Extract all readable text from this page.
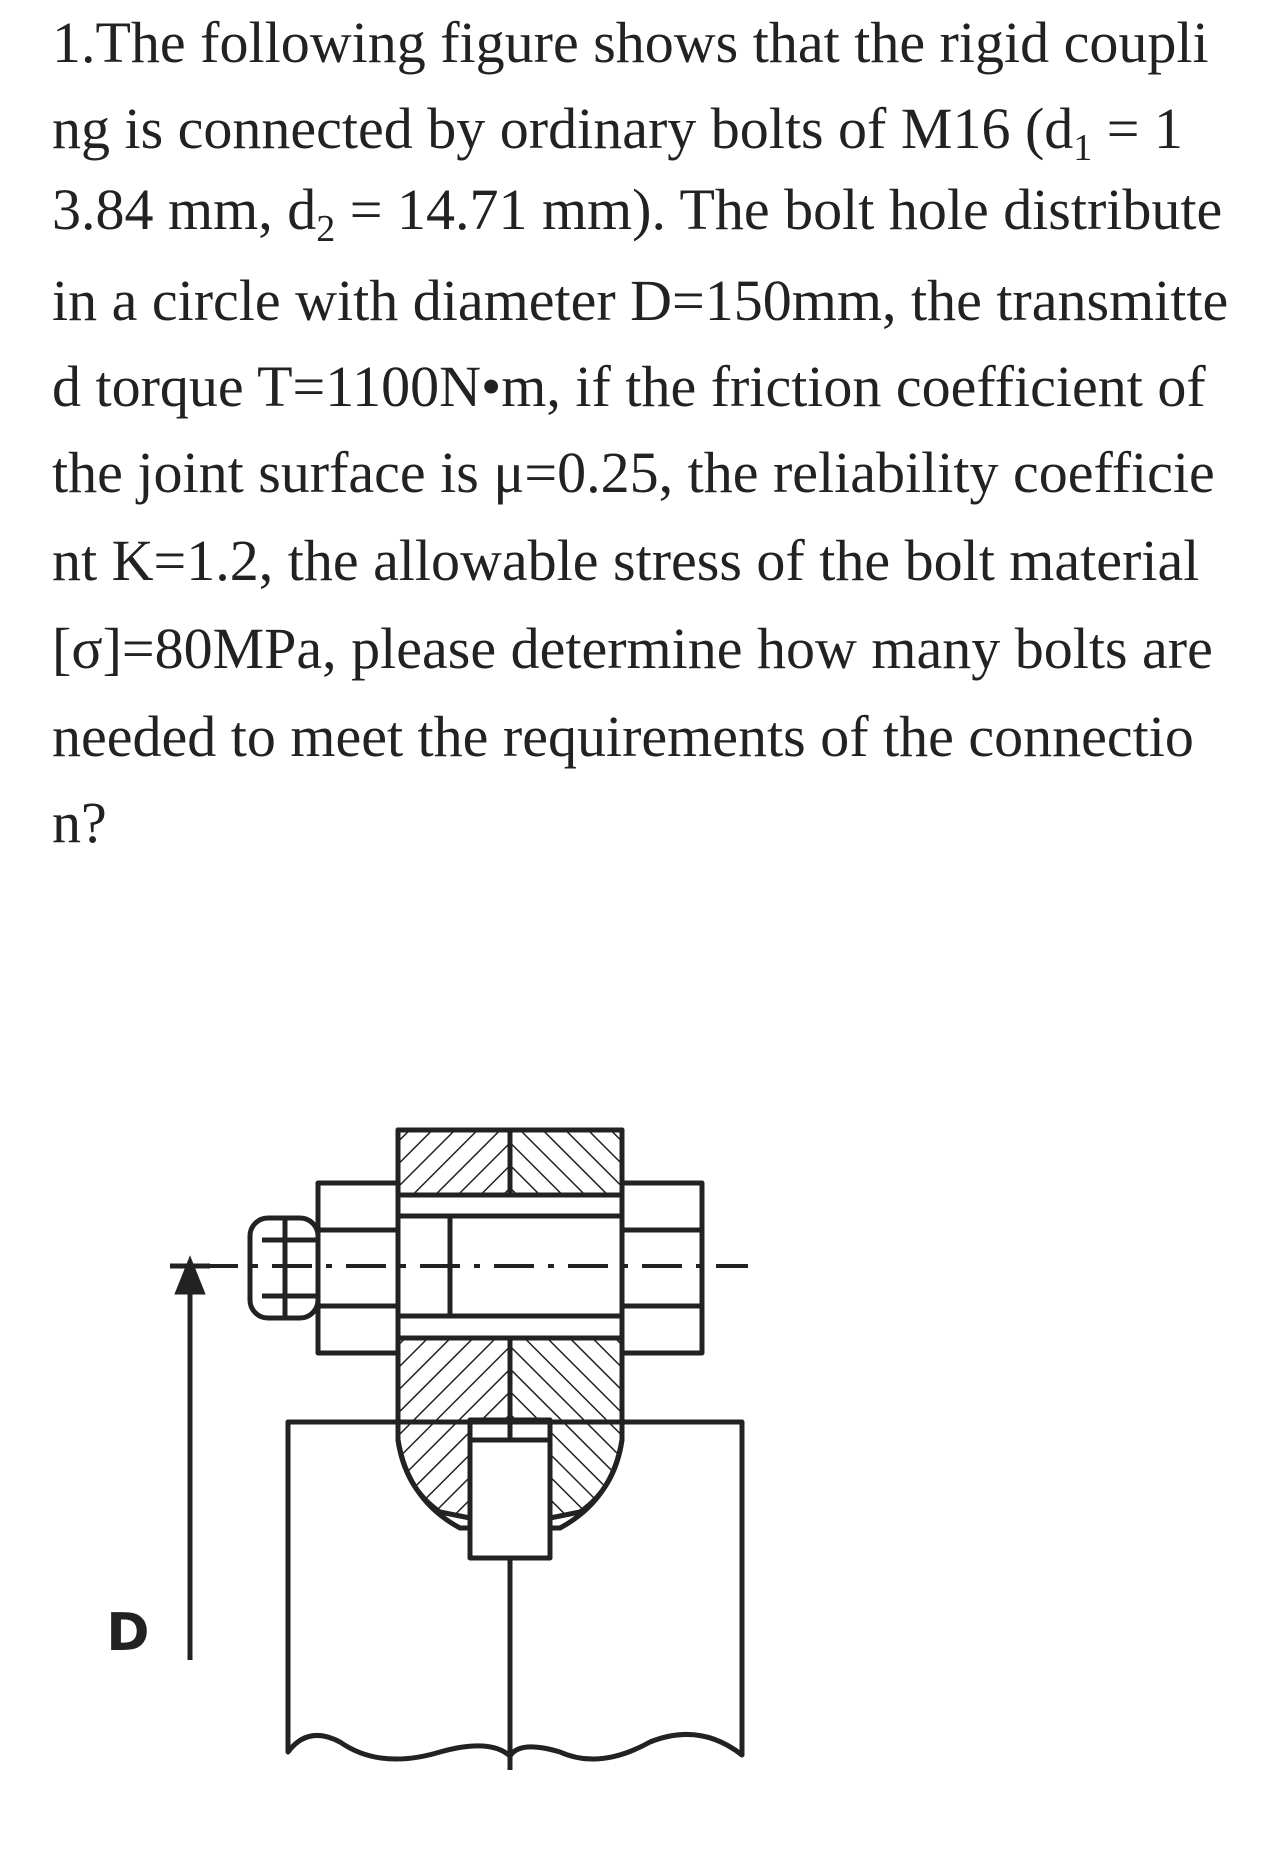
1.The following figure shows that the rigid coupli
ng is connected by ordinary bolts of M16 ($d_1 = 1$
3.84 mm, $d_2 = 14.71$ mm). The bolt hole distribute
in a circle with diameter D=150mm, the transmitte
d torque T=1100N•m, if the friction coefficient of
the joint surface is μ=0.25, the reliability coefficie
nt K=1.2, the allowable stress of the bolt material
[σ]=80MPa, please determine how many bolts are
needed to meet the requirements of the connectio
n?
D
